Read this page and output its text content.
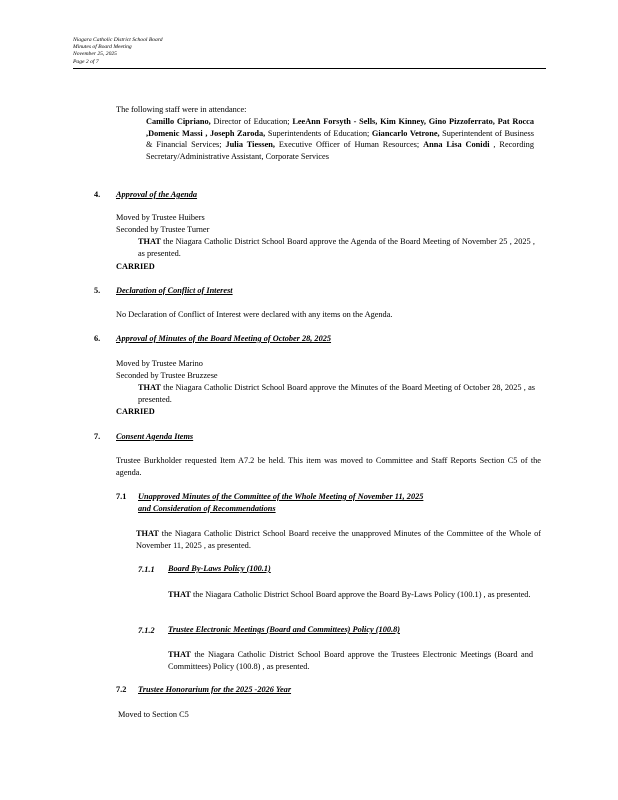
Niagara Catholic District School Board
Minutes of Board Meeting
November 25, 2025
Page 2 of 7
The following staff were in attendance:
Camillo Cipriano, Director of Education; LeeAnn Forsyth - Sells, Kim Kinney, Gino Pizzoferrato, Pat Rocca ,Domenic Massi , Joseph Zaroda, Superintendents of Education; Giancarlo Vetrone, Superintendent of Business & Financial Services; Julia Tiessen, Executive Officer of Human Resources; Anna Lisa Conidi , Recording Secretary/Administrative Assistant, Corporate Services
4. Approval of the Agenda
Moved by Trustee Huibers
Seconded by Trustee Turner
THAT the Niagara Catholic District School Board approve the Agenda of the Board Meeting of November 25 , 2025 , as presented.
CARRIED
5. Declaration of Conflict of Interest
No Declaration of Conflict of Interest were declared with any items on the Agenda.
6. Approval of Minutes of the Board Meeting of October 28, 2025
Moved by Trustee Marino
Seconded by Trustee Bruzzese
THAT the Niagara Catholic District School Board approve the Minutes of the Board Meeting of October 28, 2025 , as presented.
CARRIED
7. Consent Agenda Items
Trustee Burkholder requested Item A7.2 be held. This item was moved to Committee and Staff Reports Section C5 of the agenda.
7.1 Unapproved Minutes of the Committee of the Whole Meeting of November 11, 2025
and Consideration of Recommendations
THAT the Niagara Catholic District School Board receive the unapproved Minutes of the Committee of the Whole of November 11, 2025 , as presented.
7.1.1 Board By-Laws Policy (100.1)
THAT the Niagara Catholic District School Board approve the Board By-Laws Policy (100.1) , as presented.
7.1.2 Trustee Electronic Meetings (Board and Committees) Policy (100.8)
THAT the Niagara Catholic District School Board approve the Trustees Electronic Meetings (Board and Committees) Policy (100.8) , as presented.
7.2 Trustee Honorarium for the 2025 -2026 Year
Moved to Section C5
